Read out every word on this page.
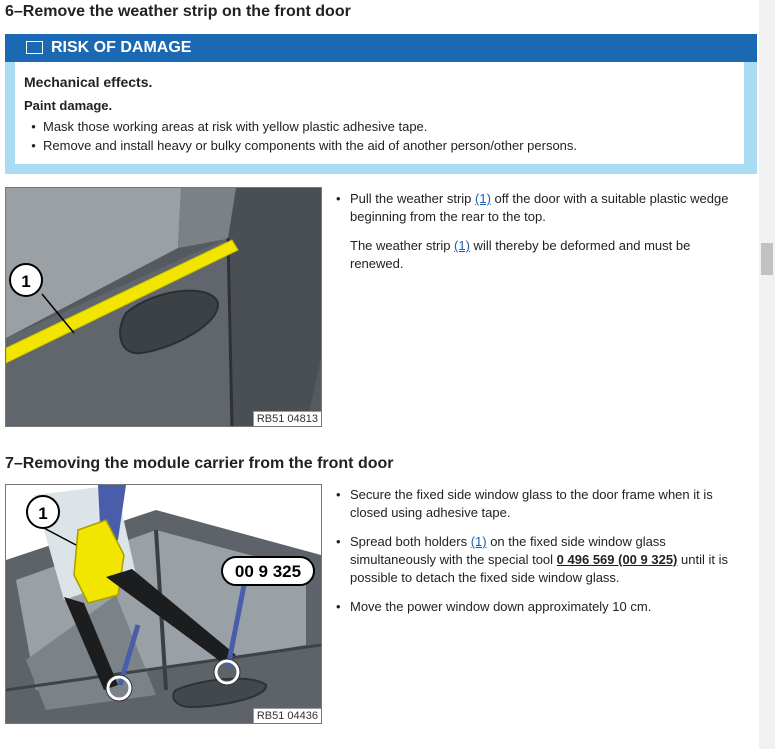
6–Remove the weather strip on the front door
RISK OF DAMAGE
Mechanical effects.
Paint damage.
• Mask those working areas at risk with yellow plastic adhesive tape.
• Remove and install heavy or bulky components with the aid of another person/other persons.
1
RB51 04813

• Pull the weather strip (1) off the door with a suitable plastic wedge beginning from the rear to the top.

The weather strip (1) will thereby be deformed and must be renewed.

7–Removing the module carrier from the front door
1
00 9 325
RB51 04436

• Secure the fixed side window glass to the door frame when it is closed using adhesive tape.

• Spread both holders (1) on the fixed side window glass simultaneously with the special tool 0 496 569 (00 9 325) until it is possible to detach the fixed side window glass.

• Move the power window down approximately 10 cm.
